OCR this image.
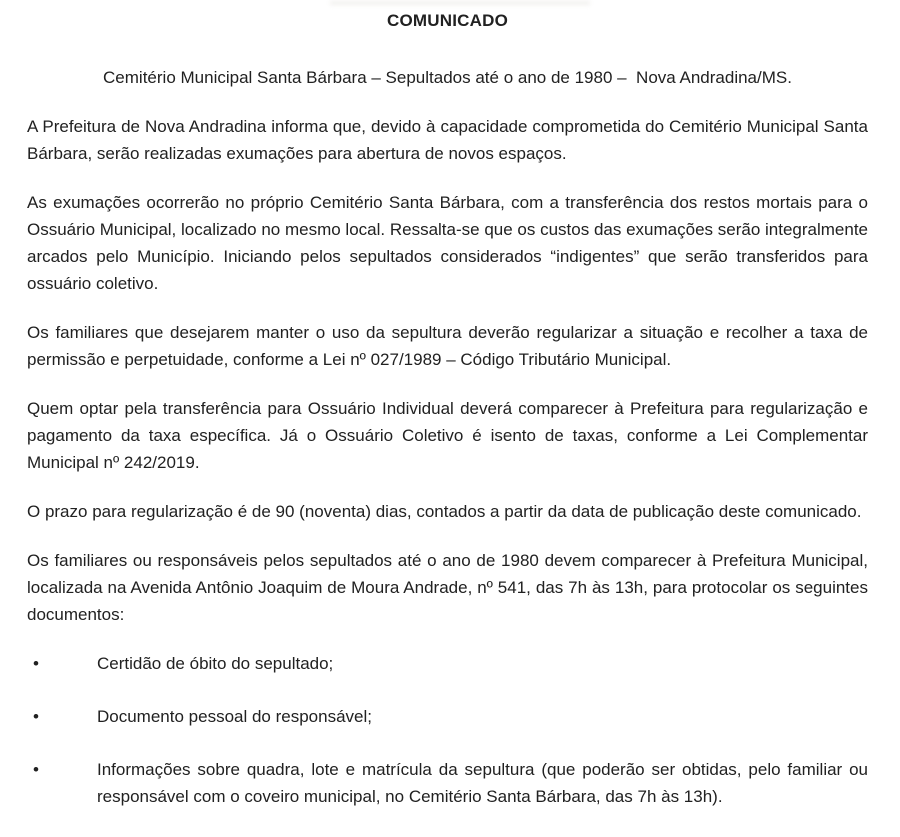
COMUNICADO

Cemitério Municipal Santa Bárbara – Sepultados até o ano de 1980 –  Nova Andradina/MS.

A Prefeitura de Nova Andradina informa que, devido à capacidade comprometida do Cemitério Municipal Santa Bárbara, serão realizadas exumações para abertura de novos espaços.

As exumações ocorrerão no próprio Cemitério Santa Bárbara, com a transferência dos restos mortais para o Ossuário Municipal, localizado no mesmo local. Ressalta-se que os custos das exumações serão integralmente arcados pelo Município. Iniciando pelos sepultados considerados “indigentes” que serão transferidos para ossuário coletivo.

Os familiares que desejarem manter o uso da sepultura deverão regularizar a situação e recolher a taxa de permissão e perpetuidade, conforme a Lei nº 027/1989 – Código Tributário Municipal.

Quem optar pela transferência para Ossuário Individual deverá comparecer à Prefeitura para regularização e pagamento da taxa específica. Já o Ossuário Coletivo é isento de taxas, conforme a Lei Complementar Municipal nº 242/2019.

O prazo para regularização é de 90 (noventa) dias, contados a partir da data de publicação deste comunicado.

Os familiares ou responsáveis pelos sepultados até o ano de 1980 devem comparecer à Prefeitura Municipal, localizada na Avenida Antônio Joaquim de Moura Andrade, nº 541, das 7h às 13h, para protocolar os seguintes documentos:

•	Certidão de óbito do sepultado;
•	Documento pessoal do responsável;
•	Informações sobre quadra, lote e matrícula da sepultura (que poderão ser obtidas, pelo familiar ou responsável com o coveiro municipal, no Cemitério Santa Bárbara, das 7h às 13h).
